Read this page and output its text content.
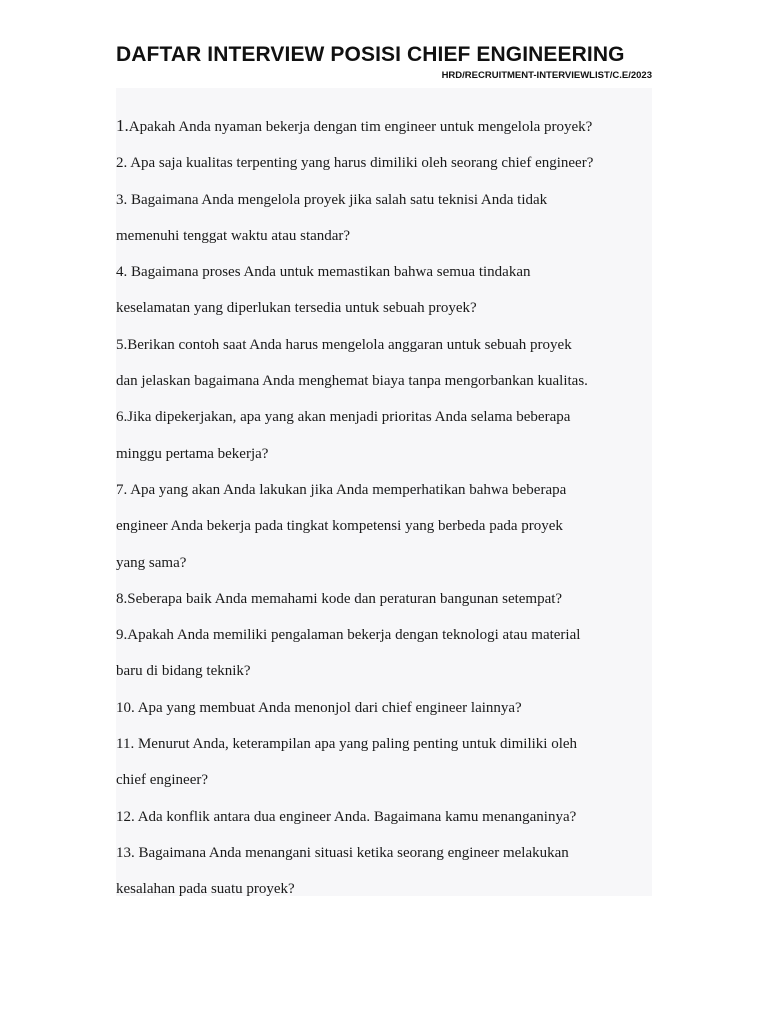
DAFTAR INTERVIEW POSISI CHIEF ENGINEERING
HRD/RECRUITMENT-INTERVIEWLIST/C.E/2023
1.Apakah Anda nyaman bekerja dengan tim engineer untuk mengelola proyek?
2. Apa saja kualitas terpenting yang harus dimiliki oleh seorang chief engineer?
3. Bagaimana Anda mengelola proyek jika salah satu teknisi Anda tidak
memenuhi tenggat waktu atau standar?
4. Bagaimana proses Anda untuk memastikan bahwa semua tindakan
keselamatan yang diperlukan tersedia untuk sebuah proyek?
5.Berikan contoh saat Anda harus mengelola anggaran untuk sebuah proyek
dan jelaskan bagaimana Anda menghemat biaya tanpa mengorbankan kualitas.
6.Jika dipekerjakan, apa yang akan menjadi prioritas Anda selama beberapa
minggu pertama bekerja?
7. Apa yang akan Anda lakukan jika Anda memperhatikan bahwa beberapa
engineer Anda bekerja pada tingkat kompetensi yang berbeda pada proyek
yang sama?
8.Seberapa baik Anda memahami kode dan peraturan bangunan setempat?
9.Apakah Anda memiliki pengalaman bekerja dengan teknologi atau material
baru di bidang teknik?
10. Apa yang membuat Anda menonjol dari chief engineer lainnya?
11. Menurut Anda, keterampilan apa yang paling penting untuk dimiliki oleh
chief engineer?
12. Ada konflik antara dua engineer Anda. Bagaimana kamu menanganinya?
13. Bagaimana Anda menangani situasi ketika seorang engineer melakukan
kesalahan pada suatu proyek?
